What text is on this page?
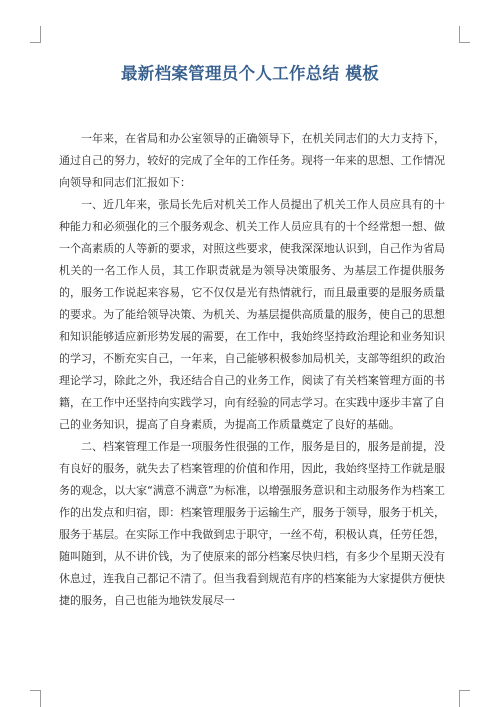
最新档案管理员个人工作总结 模板

一年来，在省局和办公室领导的正确领导下，在机关同志们的大力支持下，通过自己的努力，较好的完成了全年的工作任务。现将一年来的思想、工作情况向领导和同志们汇报如下：

一、近几年来，张局长先后对机关工作人员提出了机关工作人员应具有的十种能力和必须强化的三个服务观念、机关工作人员应具有的十个经常想一想、做一个高素质的人等新的要求，对照这些要求，使我深深地认识到，自己作为省局机关的一名工作人员，其工作职责就是为领导决策服务、为基层工作提供服务的，服务工作说起来容易，它不仅仅是光有热情就行，而且最重要的是服务质量的要求。为了能给领导决策、为机关、为基层提供高质量的服务，使自己的思想和知识能够适应新形势发展的需要，在工作中，我始终坚持政治理论和业务知识的学习，不断充实自己，一年来，自己能够积极参加局机关，支部等组织的政治理论学习，除此之外，我还结合自己的业务工作，阅读了有关档案管理方面的书籍，在工作中还坚持向实践学习，向有经验的同志学习。在实践中逐步丰富了自己的业务知识，提高了自身素质，为提高工作质量奠定了良好的基础。

二、档案管理工作是一项服务性很强的工作，服务是目的，服务是前提，没有良好的服务，就失去了档案管理的价值和作用，因此，我始终坚持工作就是服务的观念，以大家“满意不满意”为标准，以增强服务意识和主动服务作为档案工作的出发点和归宿，即：档案管理服务于运输生产，服务于领导，服务于机关，服务于基层。在实际工作中我做到忠于职守，一丝不苟，积极认真，任劳任怨，随叫随到，从不讲价钱，为了使原来的部分档案尽快归档，有多少个星期天没有休息过，连我自己都记不清了。但当我看到规范有序的档案能为大家提供方便快捷的服务，自己也能为地铁发展尽一
